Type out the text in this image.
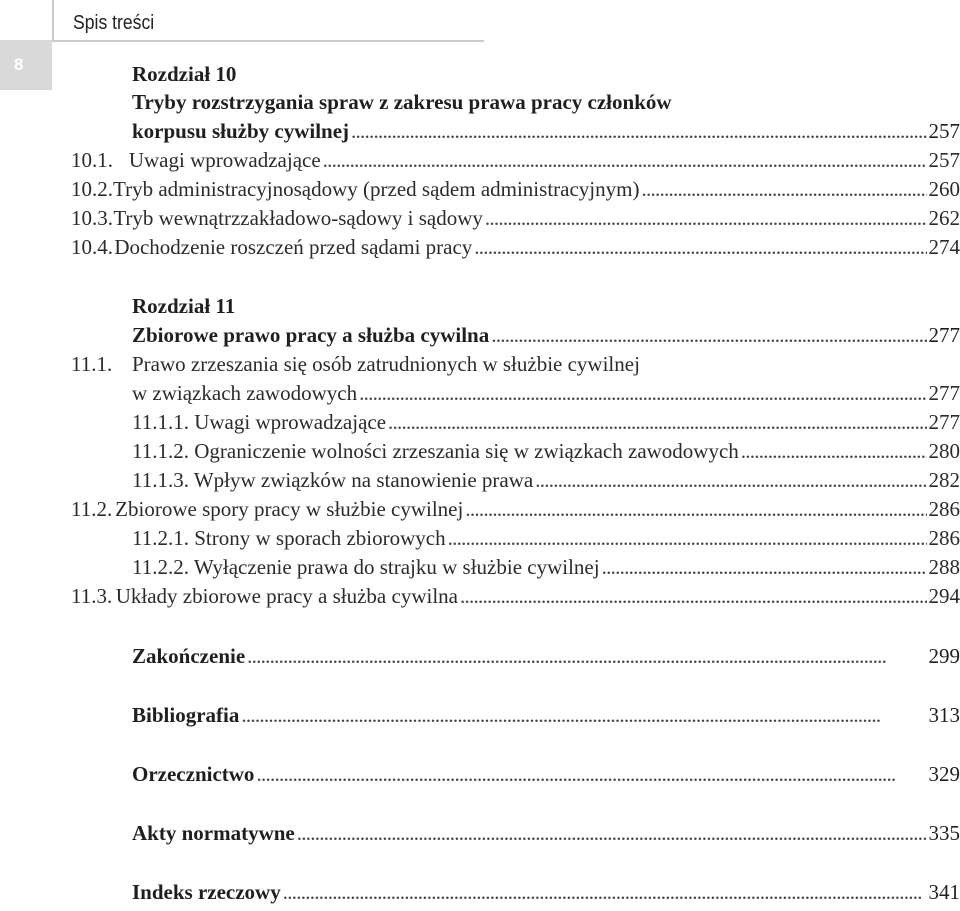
8
Spis treści
Rozdział 10
Tryby rozstrzygania spraw z zakresu prawa pracy członków
korpusu służby cywilnej . . .	257
10.1. Uwagi wprowadzające . . .	257
10.2. Tryb administracyjnosądowy (przed sądem administracyjnym) . . .	260
10.3. Tryb wewnątrzzakładowo-sądowy i sądowy . . .	262
10.4. Dochodzenie roszczeń przed sądami pracy . . .	274
Rozdział 11
Zbiorowe prawo pracy a służba cywilna . . .	277
11.1. Prawo zrzeszania się osób zatrudnionych w służbie cywilnej
w związkach zawodowych . . .	277
11.1.1. Uwagi wprowadzające . . .	277
11.1.2. Ograniczenie wolności zrzeszania się w związkach zawodowych . . .	280
11.1.3. Wpływ związków na stanowienie prawa . . .	282
11.2. Zbiorowe spory pracy w służbie cywilnej . . .	286
11.2.1. Strony w sporach zbiorowych . . .	286
11.2.2. Wyłączenie prawa do strajku w służbie cywilnej . . .	288
11.3. Układy zbiorowe pracy a służba cywilna . . .	294
Zakończenie . . .	299
Bibliografia . . .	313
Orzecznictwo . . .	329
Akty normatywne . . .	335
Indeks rzeczowy . . .	341
